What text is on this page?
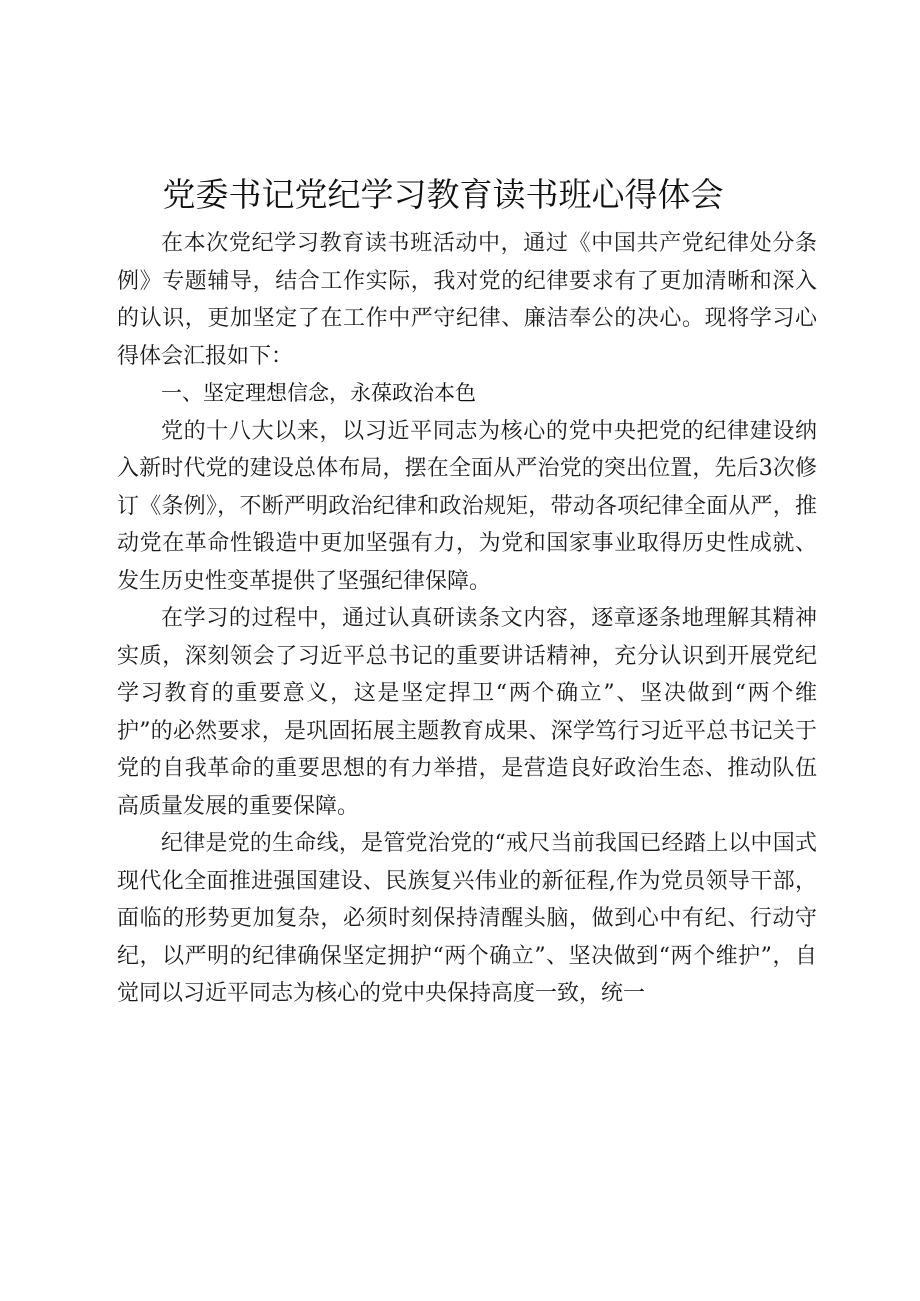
党委书记党纪学习教育读书班心得体会

在本次党纪学习教育读书班活动中，通过《中国共产党纪律处分条例》专题辅导，结合工作实际，我对党的纪律要求有了更加清晰和深入的认识，更加坚定了在工作中严守纪律、廉洁奉公的决心。现将学习心得体会汇报如下：

一、坚定理想信念，永葆政治本色

党的十八大以来，以习近平同志为核心的党中央把党的纪律建设纳入新时代党的建设总体布局，摆在全面从严治党的突出位置，先后3次修订《条例》，不断严明政治纪律和政治规矩，带动各项纪律全面从严，推动党在革命性锻造中更加坚强有力，为党和国家事业取得历史性成就、发生历史性变革提供了坚强纪律保障。

在学习的过程中，通过认真研读条文内容，逐章逐条地理解其精神实质，深刻领会了习近平总书记的重要讲话精神，充分认识到开展党纪学习教育的重要意义，这是坚定捍卫“两个确立”、坚决做到“两个维护”的必然要求，是巩固拓展主题教育成果、深学笃行习近平总书记关于党的自我革命的重要思想的有力举措，是营造良好政治生态、推动队伍高质量发展的重要保障。

纪律是党的生命线，是管党治党的“戒尺当前我国已经踏上以中国式现代化全面推进强国建设、民族复兴伟业的新征程,作为党员领导干部，面临的形势更加复杂，必须时刻保持清醒头脑，做到心中有纪、行动守纪，以严明的纪律确保坚定拥护“两个确立”、坚决做到“两个维护”，自觉同以习近平同志为核心的党中央保持高度一致，统一
